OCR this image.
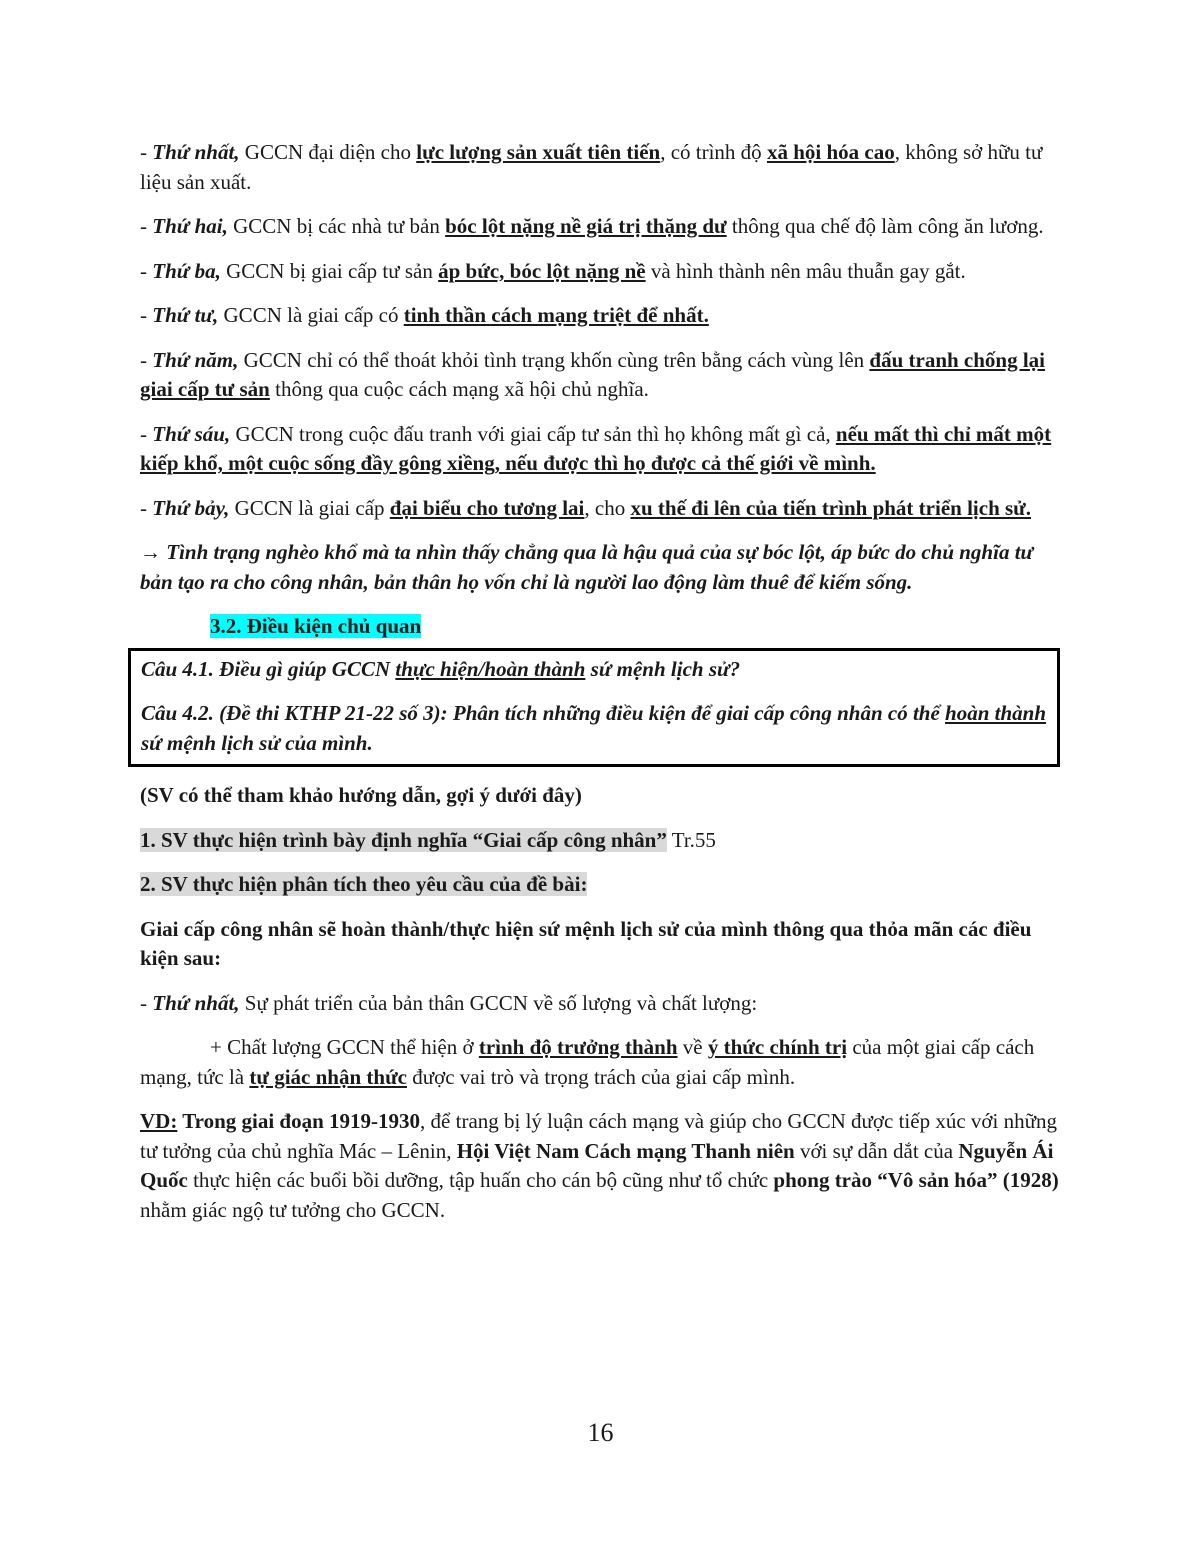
- Thứ nhất, GCCN đại diện cho lực lượng sản xuất tiên tiến, có trình độ xã hội hóa cao, không sở hữu tư liệu sản xuất.

- Thứ hai, GCCN bị các nhà tư bản bóc lột nặng nề giá trị thặng dư thông qua chế độ làm công ăn lương.

- Thứ ba, GCCN bị giai cấp tư sản áp bức, bóc lột nặng nề và hình thành nên mâu thuẫn gay gắt.

- Thứ tư, GCCN là giai cấp có tinh thần cách mạng triệt để nhất.

- Thứ năm, GCCN chỉ có thể thoát khỏi tình trạng khốn cùng trên bằng cách vùng lên đấu tranh chống lại giai cấp tư sản thông qua cuộc cách mạng xã hội chủ nghĩa.

- Thứ sáu, GCCN trong cuộc đấu tranh với giai cấp tư sản thì họ không mất gì cả, nếu mất thì chỉ mất một kiếp khổ, một cuộc sống đầy gông xiềng, nếu được thì họ được cả thế giới về mình.

- Thứ bảy, GCCN là giai cấp đại biểu cho tương lai, cho xu thế đi lên của tiến trình phát triển lịch sử.

→ Tình trạng nghèo khổ mà ta nhìn thấy chẳng qua là hậu quả của sự bóc lột, áp bức do chủ nghĩa tư bản tạo ra cho công nhân, bản thân họ vốn chỉ là người lao động làm thuê để kiếm sống.

3.2. Điều kiện chủ quan

Câu 4.1. Điều gì giúp GCCN thực hiện/hoàn thành sứ mệnh lịch sử?

Câu 4.2. (Đề thi KTHP 21-22 số 3): Phân tích những điều kiện để giai cấp công nhân có thể hoàn thành sứ mệnh lịch sử của mình.

(SV có thể tham khảo hướng dẫn, gợi ý dưới đây)

1. SV thực hiện trình bày định nghĩa “Giai cấp công nhân” Tr.55

2. SV thực hiện phân tích theo yêu cầu của đề bài:

Giai cấp công nhân sẽ hoàn thành/thực hiện sứ mệnh lịch sử của mình thông qua thỏa mãn các điều kiện sau:

- Thứ nhất, Sự phát triển của bản thân GCCN về số lượng và chất lượng:

+ Chất lượng GCCN thể hiện ở trình độ trưởng thành về ý thức chính trị của một giai cấp cách mạng, tức là tự giác nhận thức được vai trò và trọng trách của giai cấp mình.

VD: Trong giai đoạn 1919-1930, để trang bị lý luận cách mạng và giúp cho GCCN được tiếp xúc với những tư tưởng của chủ nghĩa Mác – Lênin, Hội Việt Nam Cách mạng Thanh niên với sự dẫn dắt của Nguyễn Ái Quốc thực hiện các buổi bồi dưỡng, tập huấn cho cán bộ cũng như tổ chức phong trào “Vô sản hóa” (1928) nhằm giác ngộ tư tưởng cho GCCN.

16
